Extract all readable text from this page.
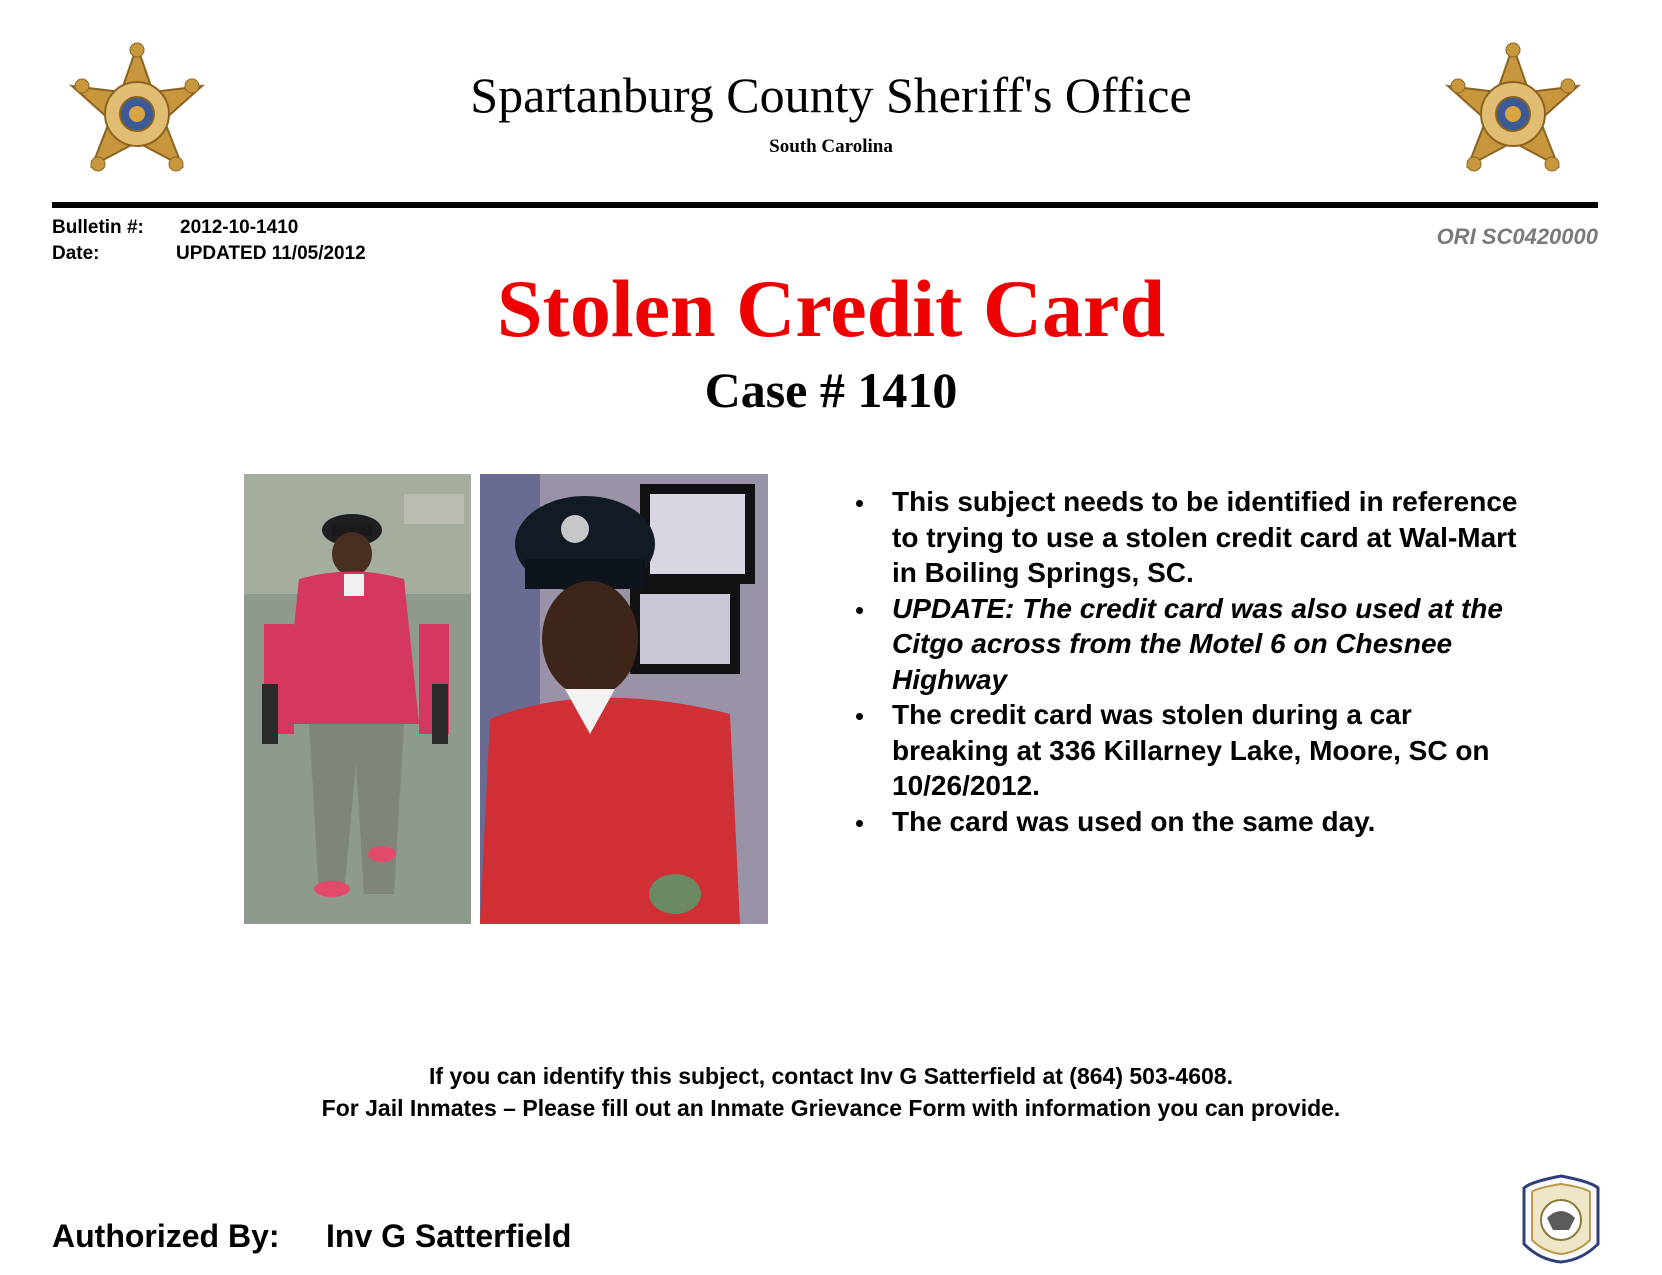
Spartanburg County Sheriff's Office
South Carolina
Bulletin #: 2012-10-1410
Date:	UPDATED 11/05/2012
ORI SC0420000
Stolen Credit Card
Case # 1410
This subject needs to be identified in reference to trying to use a stolen credit card at Wal-Mart in Boiling Springs, SC.
UPDATE: The credit card was also used at the Citgo across from the Motel 6 on Chesnee Highway
The credit card was stolen during a car breaking at 336 Killarney Lake, Moore, SC on 10/26/2012.
The card was used on the same day.
If you can identify this subject, contact Inv G Satterfield at (864) 503-4608.
For Jail Inmates – Please fill out an Inmate Grievance Form with information you can provide.
Authorized By: Inv G Satterfield
